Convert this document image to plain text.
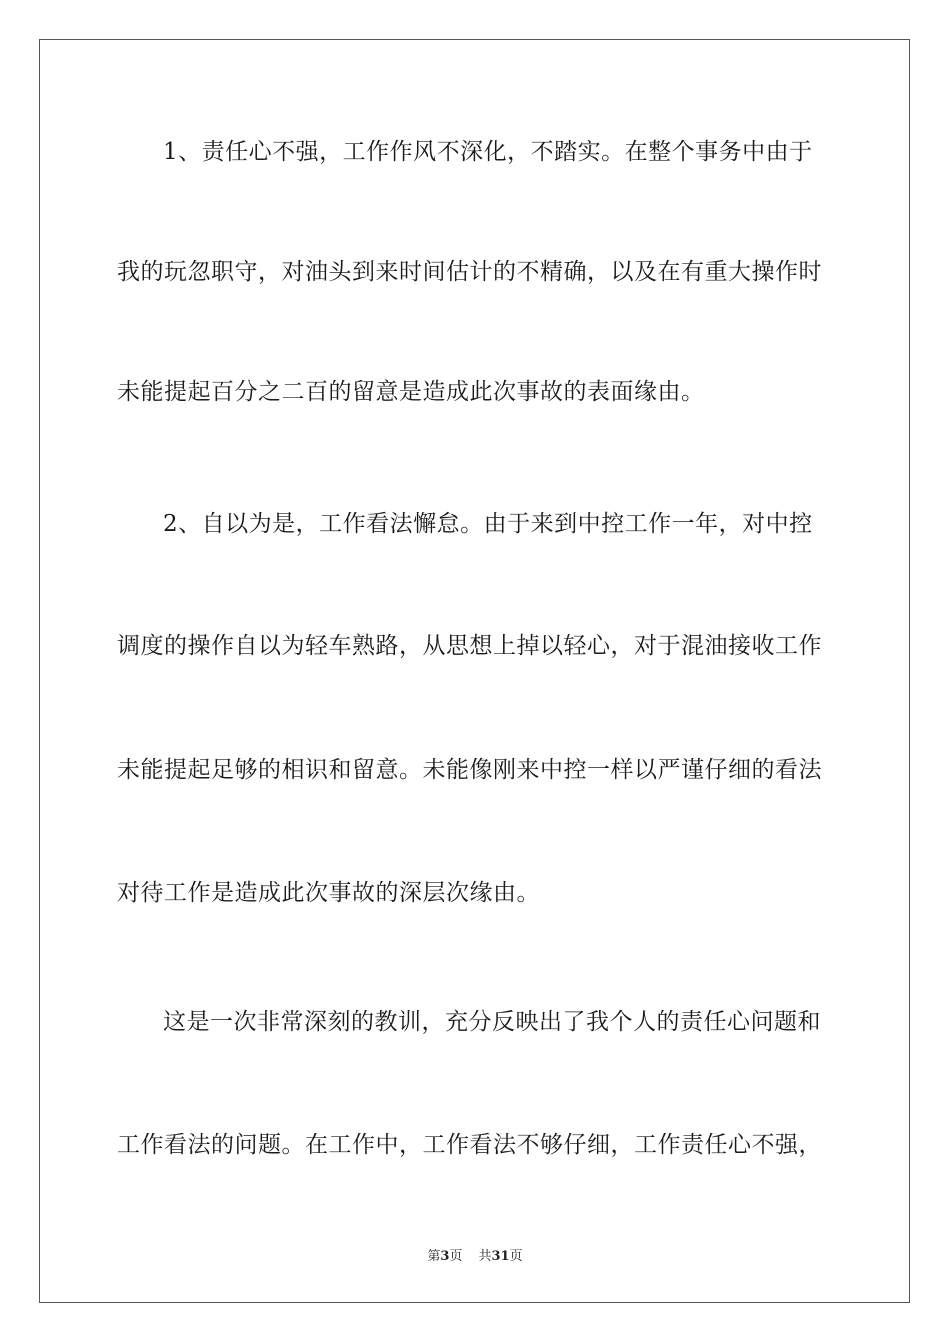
1、责任心不强，工作作风不深化，不踏实。在整个事务中由于
我的玩忽职守，对油头到来时间估计的不精确，以及在有重大操作时
未能提起百分之二百的留意是造成此次事故的表面缘由。
2、自以为是，工作看法懈怠。由于来到中控工作一年，对中控
调度的操作自以为轻车熟路，从思想上掉以轻心，对于混油接收工作
未能提起足够的相识和留意。未能像刚来中控一样以严谨仔细的看法
对待工作是造成此次事故的深层次缘由。
这是一次非常深刻的教训，充分反映出了我个人的责任心问题和
工作看法的问题。在工作中，工作看法不够仔细，工作责任心不强，
第3页 共31页
